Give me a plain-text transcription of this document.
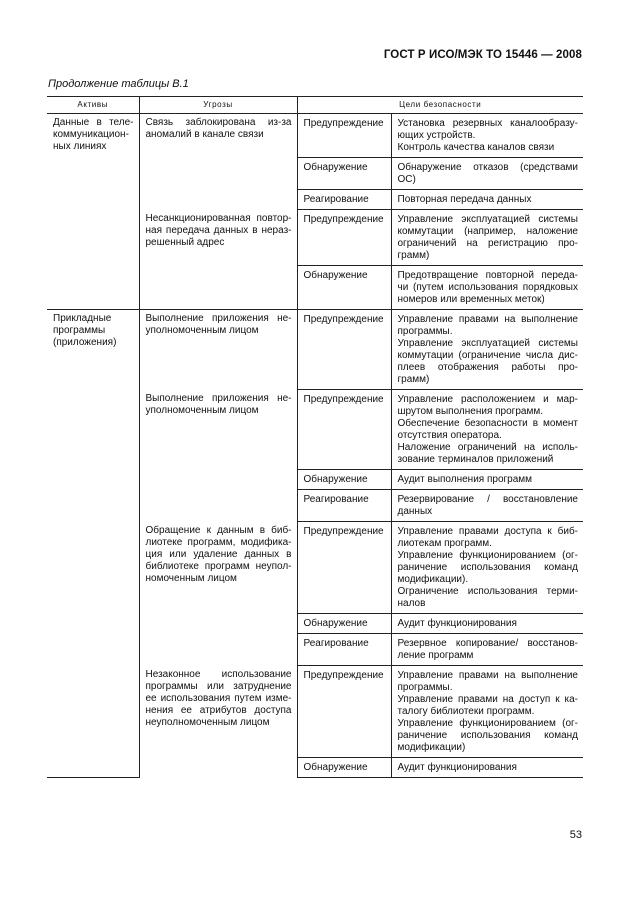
ГОСТ Р ИСО/МЭК ТО 15446 — 2008
Продолжение таблицы В.1
Активы	Угрозы	Цели безопасности	
Данные в теле-коммуникацион-ных линиях	Связь заблокирована из-за аномалий в канале связи	Предупреждение	Установка резервных каналообразу-ющих устройств.
Контроль качества каналов связи

		Обнаружение	Обнаружение отказов (средствами ОС)

		Реагирование	Повторная передача данных

	Несанкционированная повтор-ная передача данных в нераз-решенный адрес	Предупреждение	Управление эксплуатацией системы коммутации (например, наложение ограничений на регистрацию про-грамм)

		Обнаружение	Предотвращение повторной переда-чи (путем использования порядковых номеров или временных меток)

Прикладные программы (приложения)	Выполнение приложения не-уполномоченным лицом	Предупреждение	Управление правами на выполнение программы.
Управление эксплуатацией системы коммутации (ограничение числа дис-плеев отображения работы про-грамм)

	Выполнение приложения не-уполномоченным лицом	Предупреждение	Управление расположением и мар-шрутом выполнения программ.
Обеспечение безопасности в момент отсутствия оператора.
Наложение ограничений на исполь-зование терминалов приложений

		Обнаружение	Аудит выполнения программ

		Реагирование	Резервирование / восстановление данных

	Обращение к данным в биб-лиотеке программ, модифика-ция или удаление данных в библиотеке программ неупол-номоченным лицом	Предупреждение	Управление правами доступа к биб-лиотекам программ.
Управление функционированием (ог-раничение использования команд модификации).
Ограничение использования терми-налов

		Обнаружение	Аудит функционирования

		Реагирование	Резервное копирование/ восстанов-ление программ

	Незаконное использование программы или затруднение ее использования путем изме-нения ее атрибутов доступа неуполномоченным лицом	Предупреждение	Управление правами на выполнение программы.
Управление правами на доступ к ка-талогу библиотеки программ.
Управление функционированием (ог-раничение использования команд модификации)

		Обнаружение	Аудит функционирования
53
